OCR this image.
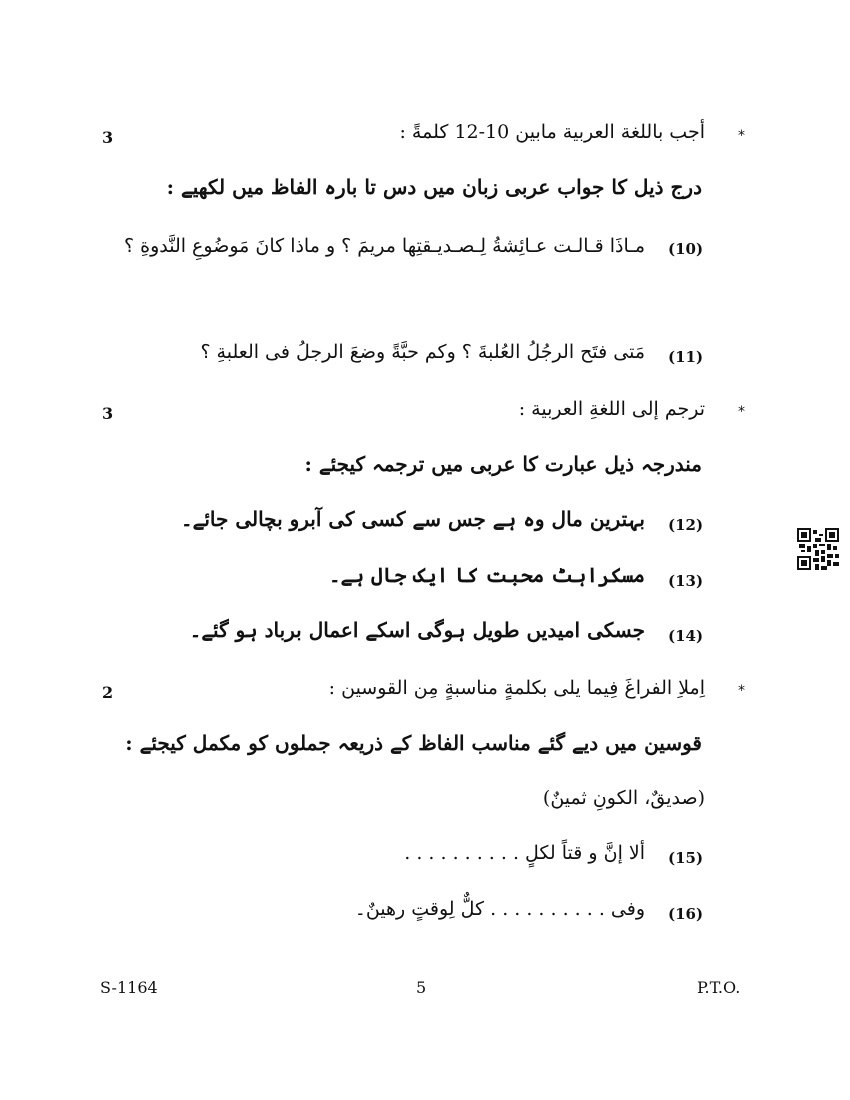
3	*
أجب باللغة العربية مابين 10-12 كلمةً :
درج ذیل کا جواب عربی زبان میں دس تا بارہ الفاظ میں لکھیے :
(10)
مـاذَا قـالـت عـائِشةُ لِـصـديـقتِها مريمَ ؟ و ماذا كانَ مَوضُوعِ النَّدوةِ ؟
(11)
مَتى فتَح الرجُلُ العُلبةَ ؟ وكم حبَّةً وضعَ الرجلُ فى العلبةِ ؟
3	*
ترجم إلى اللغةِ العربية :
مندرجہ ذیل عبارت کا عربی میں ترجمہ کیجئے :
(12)
بہترین مال وہ ہے جس سے کسی کی آبرو بچالی جائے۔
(13)
مسکراہٹ محبت کا ایک جال ہے۔
(14)
جسکی امیدیں طویل ہوگی اسکے اعمال برباد ہو گئے۔
2	*
اِملاِ الفراغَ فِيما يلى بكلمةٍ مناسبةٍ مِن القوسين :
قوسین میں دیے گئے مناسب الفاظ کے ذریعہ جملوں کو مکمل کیجئے :
(صديقٌ، الكونِ ثمينٌ)
(15)
ألا إنَّ و قتاً لكلٍ . . . . . . . . . .
(16)
وفى . . . . . . . . . . كلٌّ لِوقتٍ رهينٌ۔
S-1164	5	P.T.O.
